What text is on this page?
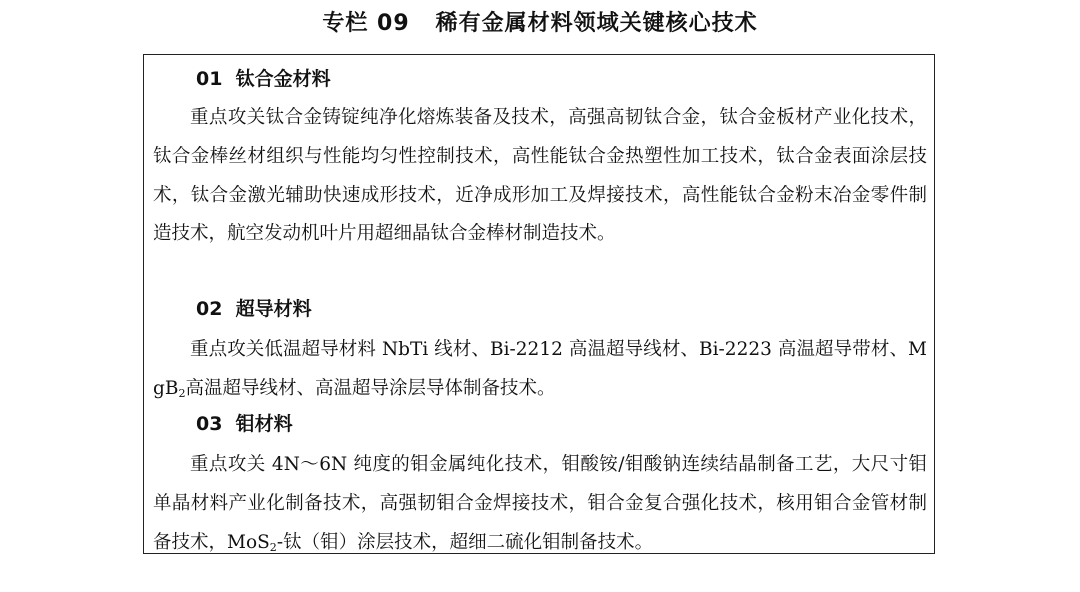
专栏 09   稀有金属材料领域关键核心技术
01  钛合金材料
重点攻关钛合金铸锭纯净化熔炼装备及技术，高强高韧钛合金，钛合金板材产业化技术，钛合金棒丝材组织与性能均匀性控制技术，高性能钛合金热塑性加工技术，钛合金表面涂层技术，钛合金激光辅助快速成形技术，近净成形加工及焊接技术，高性能钛合金粉末冶金零件制造技术，航空发动机叶片用超细晶钛合金棒材制造技术。
02  超导材料
重点攻关低温超导材料 NbTi 线材、Bi-2212 高温超导线材、Bi-2223 高温超导带材、MgB$_2$高温超导线材、高温超导涂层导体制备技术。
03  钼材料
重点攻关 4N～6N 纯度的钼金属纯化技术，钼酸铵/钼酸钠连续结晶制备工艺，大尺寸钼单晶材料产业化制备技术，高强韧钼合金焊接技术，钼合金复合强化技术，核用钼合金管材制备技术，MoS$_2$-钛（钼）涂层技术，超细二硫化钼制备技术。
